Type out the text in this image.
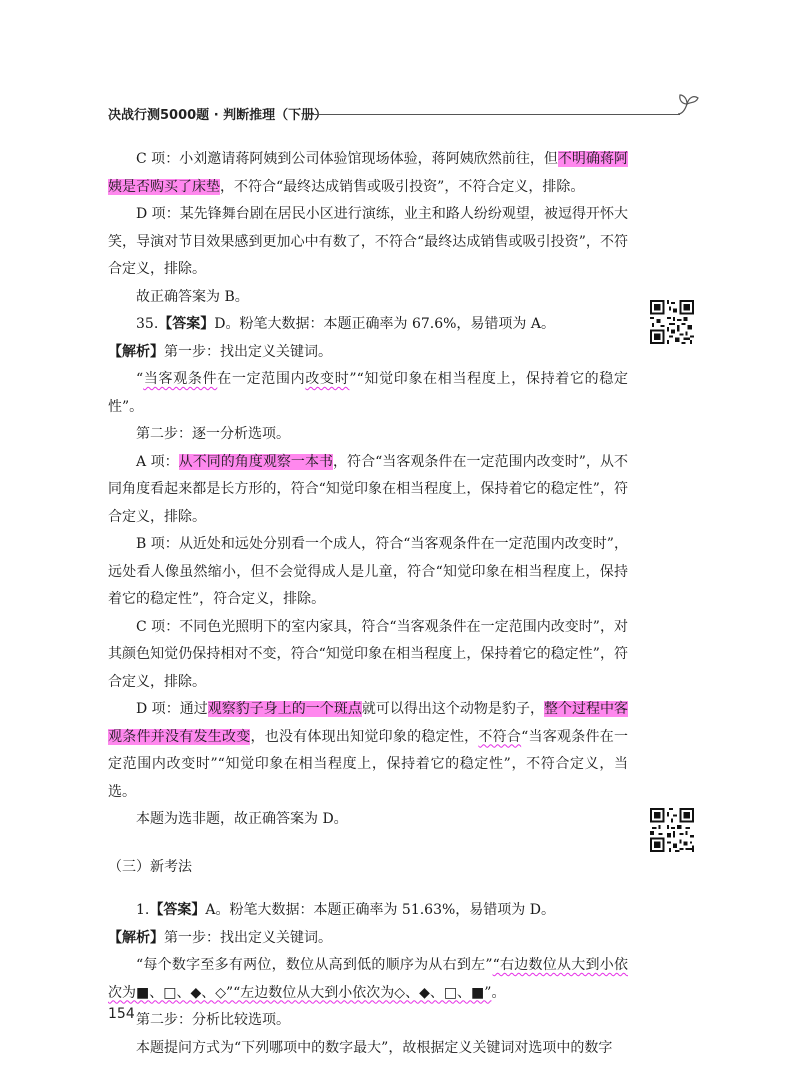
决战行测5000题 · 判断推理（下册）

C 项：小刘邀请蒋阿姨到公司体验馆现场体验，蒋阿姨欣然前往，但不明确蒋阿姨是否购买了床垫，不符合“最终达成销售或吸引投资”，不符合定义，排除。

D 项：某先锋舞台剧在居民小区进行演练，业主和路人纷纷观望，被逗得开怀大笑，导演对节目效果感到更加心中有数了，不符合“最终达成销售或吸引投资”，不符合定义，排除。

故正确答案为 B。

35.【答案】D。粉笔大数据：本题正确率为 67.6%，易错项为 A。

【解析】第一步：找出定义关键词。

“当客观条件在一定范围内改变时”“知觉印象在相当程度上，保持着它的稳定性”。

第二步：逐一分析选项。

A 项：从不同的角度观察一本书，符合“当客观条件在一定范围内改变时”，从不同角度看起来都是长方形的，符合“知觉印象在相当程度上，保持着它的稳定性”，符合定义，排除。

B 项：从近处和远处分别看一个成人，符合“当客观条件在一定范围内改变时”，远处看人像虽然缩小，但不会觉得成人是儿童，符合“知觉印象在相当程度上，保持着它的稳定性”，符合定义，排除。

C 项：不同色光照明下的室内家具，符合“当客观条件在一定范围内改变时”，对其颜色知觉仍保持相对不变，符合“知觉印象在相当程度上，保持着它的稳定性”，符合定义，排除。

D 项：通过观察豹子身上的一个斑点就可以得出这个动物是豹子，整个过程中客观条件并没有发生改变，也没有体现出知觉印象的稳定性，不符合“当客观条件在一定范围内改变时”“知觉印象在相当程度上，保持着它的稳定性”，不符合定义，当选。

本题为选非题，故正确答案为 D。

（三）新考法

1.【答案】A。粉笔大数据：本题正确率为 51.63%，易错项为 D。

【解析】第一步：找出定义关键词。

“每个数字至多有两位，数位从高到低的顺序为从右到左”“右边数位从大到小依次为■、□、◆、◇”“左边数位从大到小依次为◇、◆、□、■”。

第二步：分析比较选项。

本题提问方式为“下列哪项中的数字最大”，故根据定义关键词对选项中的数字

154
